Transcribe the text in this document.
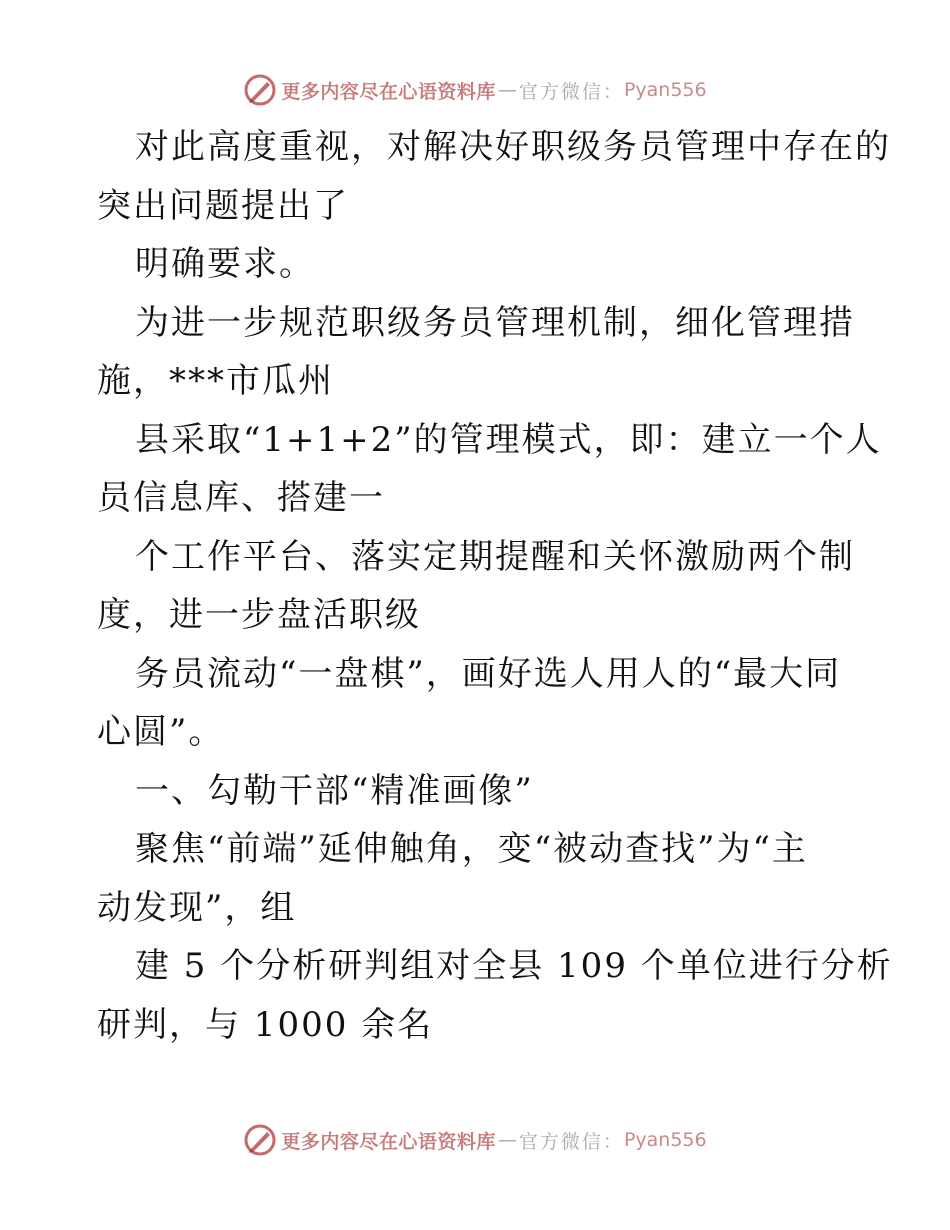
更多内容尽在心语资料库 — 官方微信： Pyan556
对此高度重视，对解决好职级务员管理中存在的
突出问题提出了
明确要求。
为进一步规范职级务员管理机制，细化管理措
施，***市瓜州
县采取“1+1+2”的管理模式，即：建立一个人
员信息库、搭建一
个工作平台、落实定期提醒和关怀激励两个制
度，进一步盘活职级
务员流动“一盘棋”，画好选人用人的“最大同
心圆”。
一、勾勒干部“精准画像”
聚焦“前端”延伸触角，变“被动查找”为“主
动发现”，组
建 5 个分析研判组对全县 109 个单位进行分析
研判，与 1000 余名
更多内容尽在心语资料库 — 官方微信： Pyan556
